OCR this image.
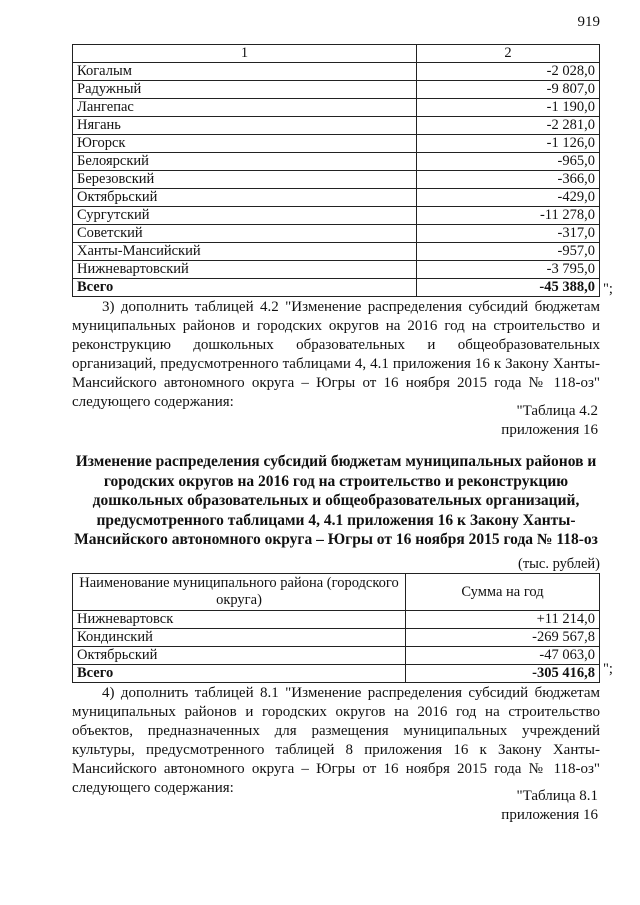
919
1	2
Когалым	-2 028,0
Радужный	-9 807,0
Лангепас	-1 190,0
Нягань	-2 281,0
Югорск	-1 126,0
Белоярский	-965,0
Березовский	-366,0
Октябрьский	-429,0
Сургутский	-11 278,0
Советский	-317,0
Ханты-Мансийский	-957,0
Нижневартовский	-3 795,0
Всего	-45 388,0 ";
3) дополнить таблицей 4.2 "Изменение распределения субсидий бюджетам муниципальных районов и городских округов на 2016 год на строительство и реконструкцию дошкольных образовательных и общеобразовательных организаций, предусмотренного таблицами 4, 4.1 приложения 16 к Закону Ханты-Мансийского автономного округа – Югры от 16 ноября 2015 года № 118-оз" следующего содержания:
"Таблица 4.2
приложения 16
Изменение распределения субсидий бюджетам муниципальных районов и городских округов на 2016 год на строительство и реконструкцию дошкольных образовательных и общеобразовательных организаций, предусмотренного таблицами 4, 4.1 приложения 16 к Закону Ханты-Мансийского автономного округа – Югры от 16 ноября 2015 года № 118-оз
(тыс. рублей)
Наименование муниципального района (городского округа)	Сумма на год
Нижневартовск	+11 214,0
Кондинский	-269 567,8
Октябрьский	-47 063,0
Всего	-305 416,8 ";
4) дополнить таблицей 8.1 "Изменение распределения субсидий бюджетам муниципальных районов и городских округов на 2016 год на строительство объектов, предназначенных для размещения муниципальных учреждений культуры, предусмотренного таблицей 8 приложения 16 к Закону Ханты-Мансийского автономного округа – Югры от 16 ноября 2015 года № 118-оз" следующего содержания:	"Таблица 8.1
приложения 16
